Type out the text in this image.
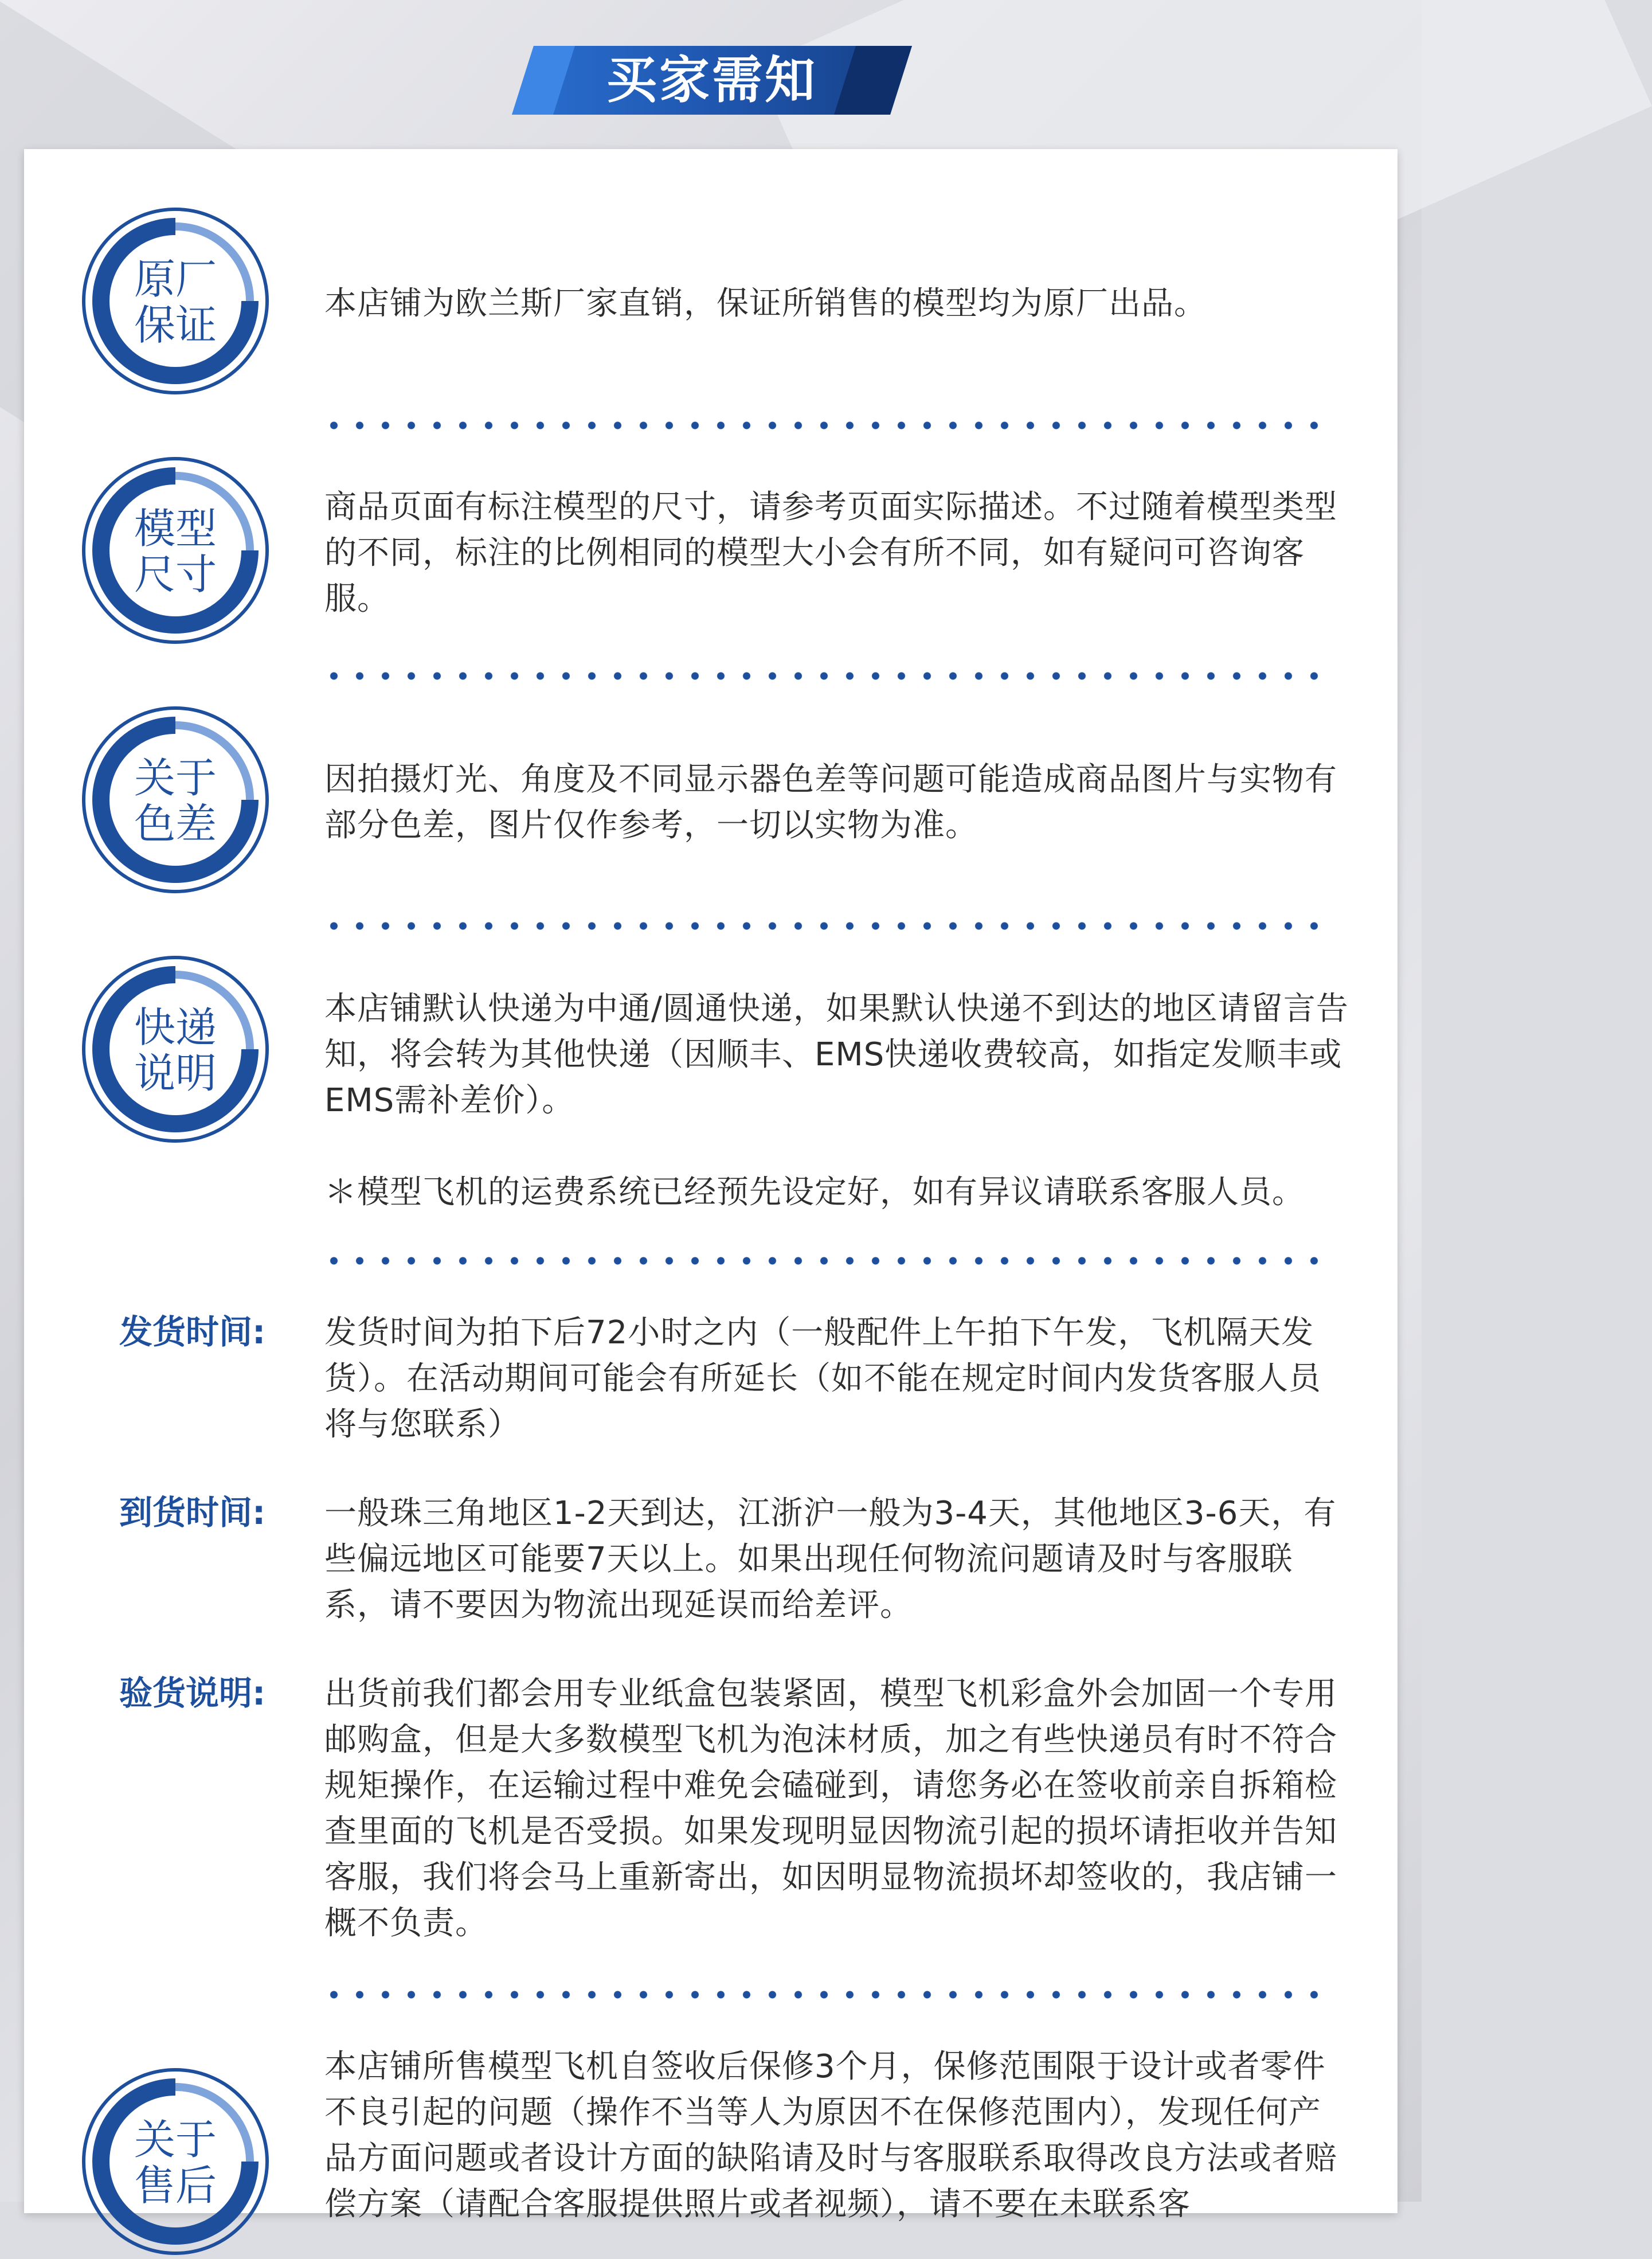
买家需知
原厂
保证	本店铺为欧兰斯厂家直销，保证所销售的模型均为原厂出品。
模型
尺寸
商品页面有标注模型的尺寸，请参考页面实际描述。不过随着模型类型的不同，标注的比例相同的模型大小会有所不同，如有疑问可咨询客服。
关于
色差
因拍摄灯光、角度及不同显示器色差等问题可能造成商品图片与实物有部分色差，图片仅作参考，一切以实物为准。
快递
说明
本店铺默认快递为中通/圆通快递，如果默认快递不到达的地区请留言告知，将会转为其他快递（因顺丰、EMS快递收费较高，如指定发顺丰或EMS需补差价）。
＊模型飞机的运费系统已经预先设定好，如有异议请联系客服人员。
发货时间: 发货时间为拍下后72小时之内（一般配件上午拍下午发，飞机隔天发货）。在活动期间可能会有所延长（如不能在规定时间内发货客服人员将与您联系）
到货时间: 一般珠三角地区1-2天到达，江浙沪一般为3-4天，其他地区3-6天，有些偏远地区可能要7天以上。如果出现任何物流问题请及时与客服联系，请不要因为物流出现延误而给差评。
验货说明: 出货前我们都会用专业纸盒包装紧固，模型飞机彩盒外会加固一个专用邮购盒，但是大多数模型飞机为泡沫材质，加之有些快递员有时不符合规矩操作，在运输过程中难免会磕碰到，请您务必在签收前亲自拆箱检查里面的飞机是否受损。如果发现明显因物流引起的损坏请拒收并告知客服，我们将会马上重新寄出，如因明显物流损坏却签收的，我店铺一概不负责。
关于
售后
本店铺所售模型飞机自签收后保修3个月，保修范围限于设计或者零件不良引起的问题（操作不当等人为原因不在保修范围内），发现任何产品方面问题或者设计方面的缺陷请及时与客服联系取得改良方法或者赔偿方案（请配合客服提供照片或者视频），请不要在未联系客
